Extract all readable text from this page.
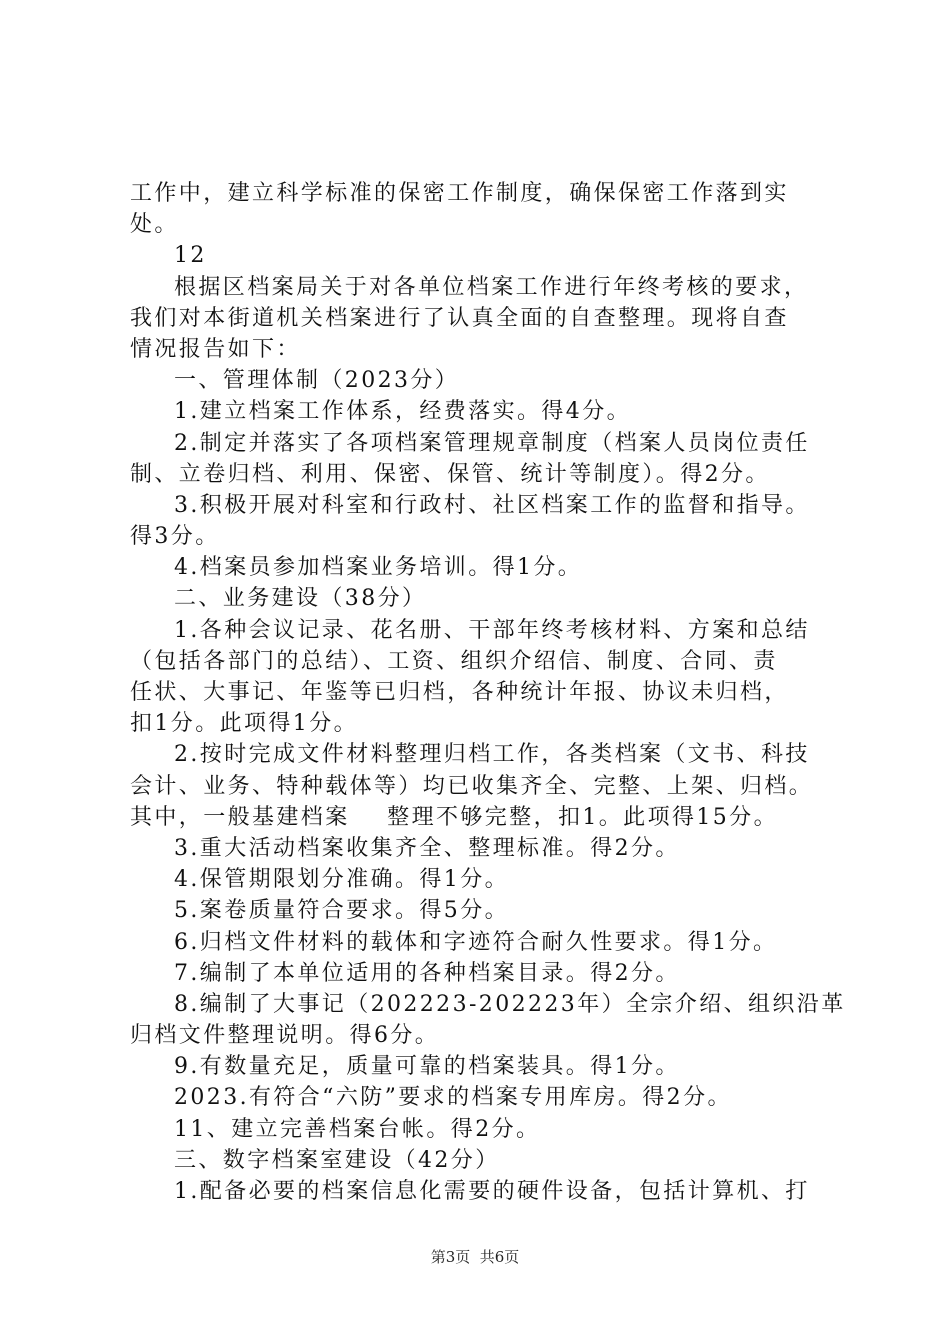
工作中，建立科学标准的保密工作制度，确保保密工作落到实
处。
12
根据区档案局关于对各单位档案工作进行年终考核的要求，
我们对本街道机关档案进行了认真全面的自查整理。现将自查
情况报告如下：
一、管理体制（2023分）
1.建立档案工作体系，经费落实。得4分。
2.制定并落实了各项档案管理规章制度（档案人员岗位责任
制、立卷归档、利用、保密、保管、统计等制度）。得2分。
3.积极开展对科室和行政村、社区档案工作的监督和指导。
得3分。
4.档案员参加档案业务培训。得1分。
二、业务建设（38分）
1.各种会议记录、花名册、干部年终考核材料、方案和总结
（包括各部门的总结）、工资、组织介绍信、制度、合同、责
任状、大事记、年鉴等已归档，各种统计年报、协议未归档，
扣1分。此项得1分。
2.按时完成文件材料整理归档工作，各类档案（文书、科技
会计、业务、特种载体等）均已收集齐全、完整、上架、归档。
其中，一般基建档案    整理不够完整，扣1。此项得15分。
3.重大活动档案收集齐全、整理标准。得2分。
4.保管期限划分准确。得1分。
5.案卷质量符合要求。得5分。
6.归档文件材料的载体和字迹符合耐久性要求。得1分。
7.编制了本单位适用的各种档案目录。得2分。
8.编制了大事记（202223-202223年）全宗介绍、组织沿革
归档文件整理说明。得6分。
9.有数量充足，质量可靠的档案装具。得1分。
2023.有符合“六防”要求的档案专用库房。得2分。
11、建立完善档案台帐。得2分。
三、数字档案室建设（42分）
1.配备必要的档案信息化需要的硬件设备，包括计算机、打
第3页  共6页
